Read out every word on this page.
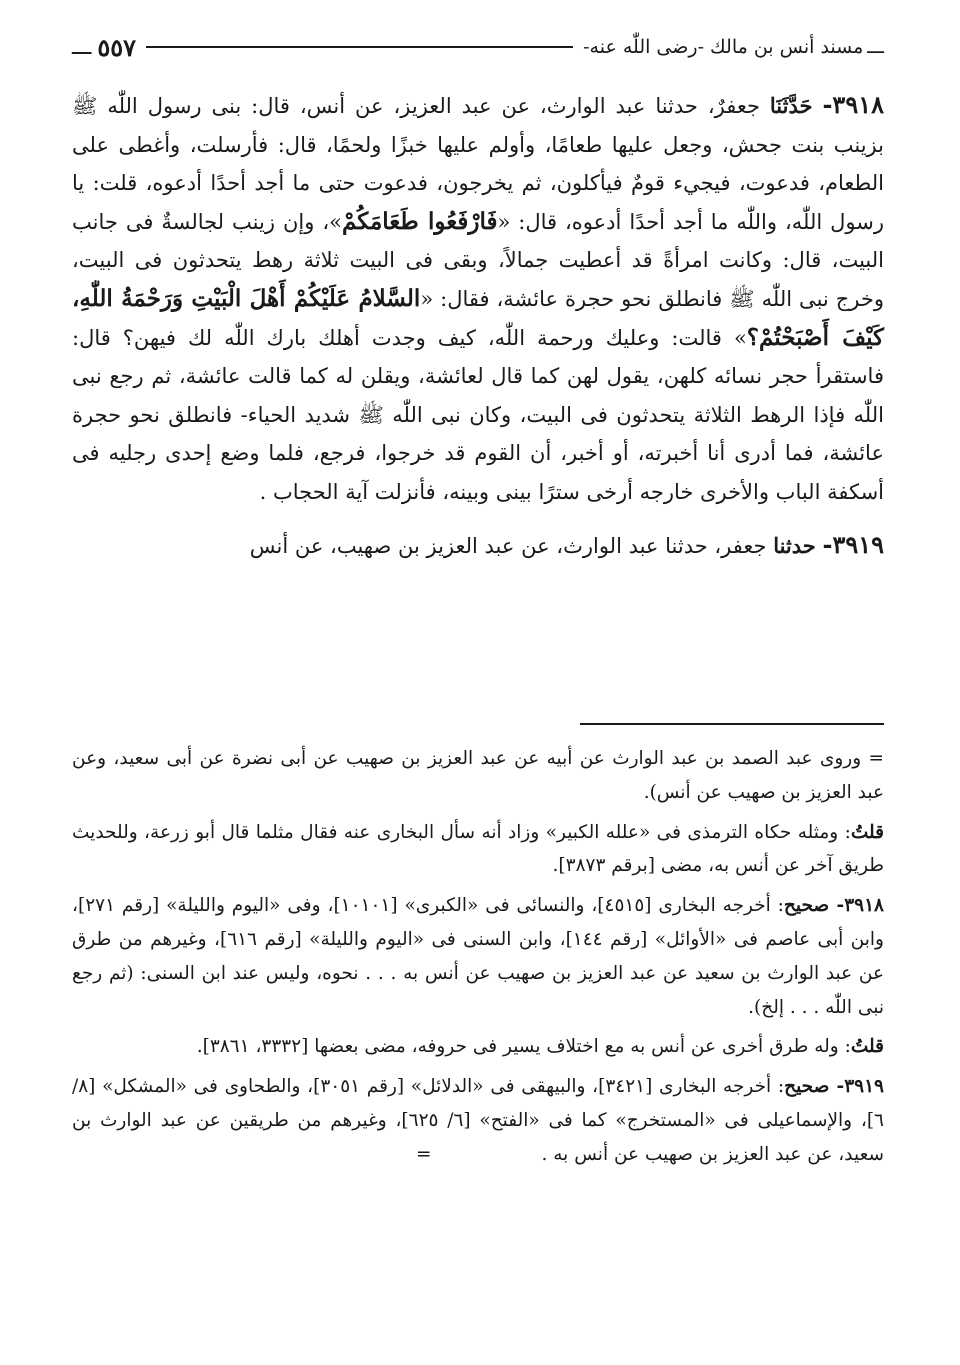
ـــ
مسند أنس بن مالك -رضى اللّٰه عنه-
٥٥٧
ـــ

٣٩١٨- حَدَّثَنَا جعفرٌ، حدثنا عبد الوارث، عن عبد العزيز، عن أنس، قال: بنى رسول اللّٰه ﷺ بزينب بنت جحش، وجعل عليها طعامًا، وأولم عليها خبزًا ولحمًا، قال: فأرسلت، وأغطى على الطعام، فدعوت، فيجيء قومٌ فيأكلون، ثم يخرجون، فدعوت حتى ما أجد أحدًا أدعوه، قلت: يا رسول اللّٰه، واللّٰه ما أجد أحدًا أدعوه، قال: «فَارْفَعُوا طَعَامَكُمْ»، وإن زينب لجالسةٌ فى جانب البيت، قال: وكانت امرأةً قد أعطيت جمالاً، وبقى فى البيت ثلاثة رهط يتحدثون فى البيت، وخرج نبى اللّٰه ﷺ فانطلق نحو حجرة عائشة، فقال: «السَّلامُ عَلَيْكُمْ أَهْلَ الْبَيْتِ وَرَحْمَةُ اللّٰهِ، كَيْفَ أَصْبَحْتُمْ؟» قالت: وعليك ورحمة اللّٰه، كيف وجدت أهلك بارك اللّٰه لك فيهن؟ قال: فاستقرأ حجر نسائه كلهن، يقول لهن كما قال لعائشة، ويقلن له كما قالت عائشة، ثم رجع نبى اللّٰه فإذا الرهط الثلاثة يتحدثون فى البيت، وكان نبى اللّٰه ﷺ شديد الحياء- فانطلق نحو حجرة عائشة، فما أدرى أنا أخبرته، أو أخبر، أن القوم قد خرجوا، فرجع، فلما وضع إحدى رجليه فى أسكفة الباب والأخرى خارجه أرخى سترًا بينى وبينه، فأنزلت آية الحجاب .

٣٩١٩- حدثنا جعفر، حدثنا عبد الوارث، عن عبد العزيز بن صهيب، عن أنس

= وروى عبد الصمد بن عبد الوارث عن أبيه عن عبد العزيز بن صهيب عن أبى نضرة عن أبى سعيد، وعن عبد العزيز بن صهيب عن أنس).

قلتُ: ومثله حكاه الترمذى فى «علله الكبير» وزاد أنه سأل البخارى عنه فقال مثلما قال أبو زرعة، وللحديث طريق آخر عن أنس به، مضى [برقم ٣٨٧٣].

٣٩١٨- صحيح: أخرجه البخارى [٤٥١٥]، والنسائى فى «الكبرى» [١٠١٠١]، وفى «اليوم والليلة» [رقم ٢٧١]، وابن أبى عاصم فى «الأوائل» [رقم ١٤٤]، وابن السنى فى «اليوم والليلة» [رقم ٦١٦]، وغيرهم من طرق عن عبد الوارث بن سعيد عن عبد العزيز بن صهيب عن أنس به . . . نحوه، وليس عند ابن السنى: (ثم رجع نبى اللّٰه . . . إلخ).

قلتُ: وله طرق أخرى عن أنس به مع اختلاف يسير فى حروفه، مضى بعضها [٣٣٣٢، ٣٨٦١].

٣٩١٩- صحيح: أخرجه البخارى [٣٤٢١]، والبيهقى فى «الدلائل» [رقم ٣٠٥١]، والطحاوى فى «المشكل» [٨/ ٦]، والإسماعيلى فى «المستخرج» كما فى «الفتح» [٦/ ٦٢٥]، وغيرهم من طريقين عن عبد الوارث بن سعيد، عن عبد العزيز بن صهيب عن أنس به .=
